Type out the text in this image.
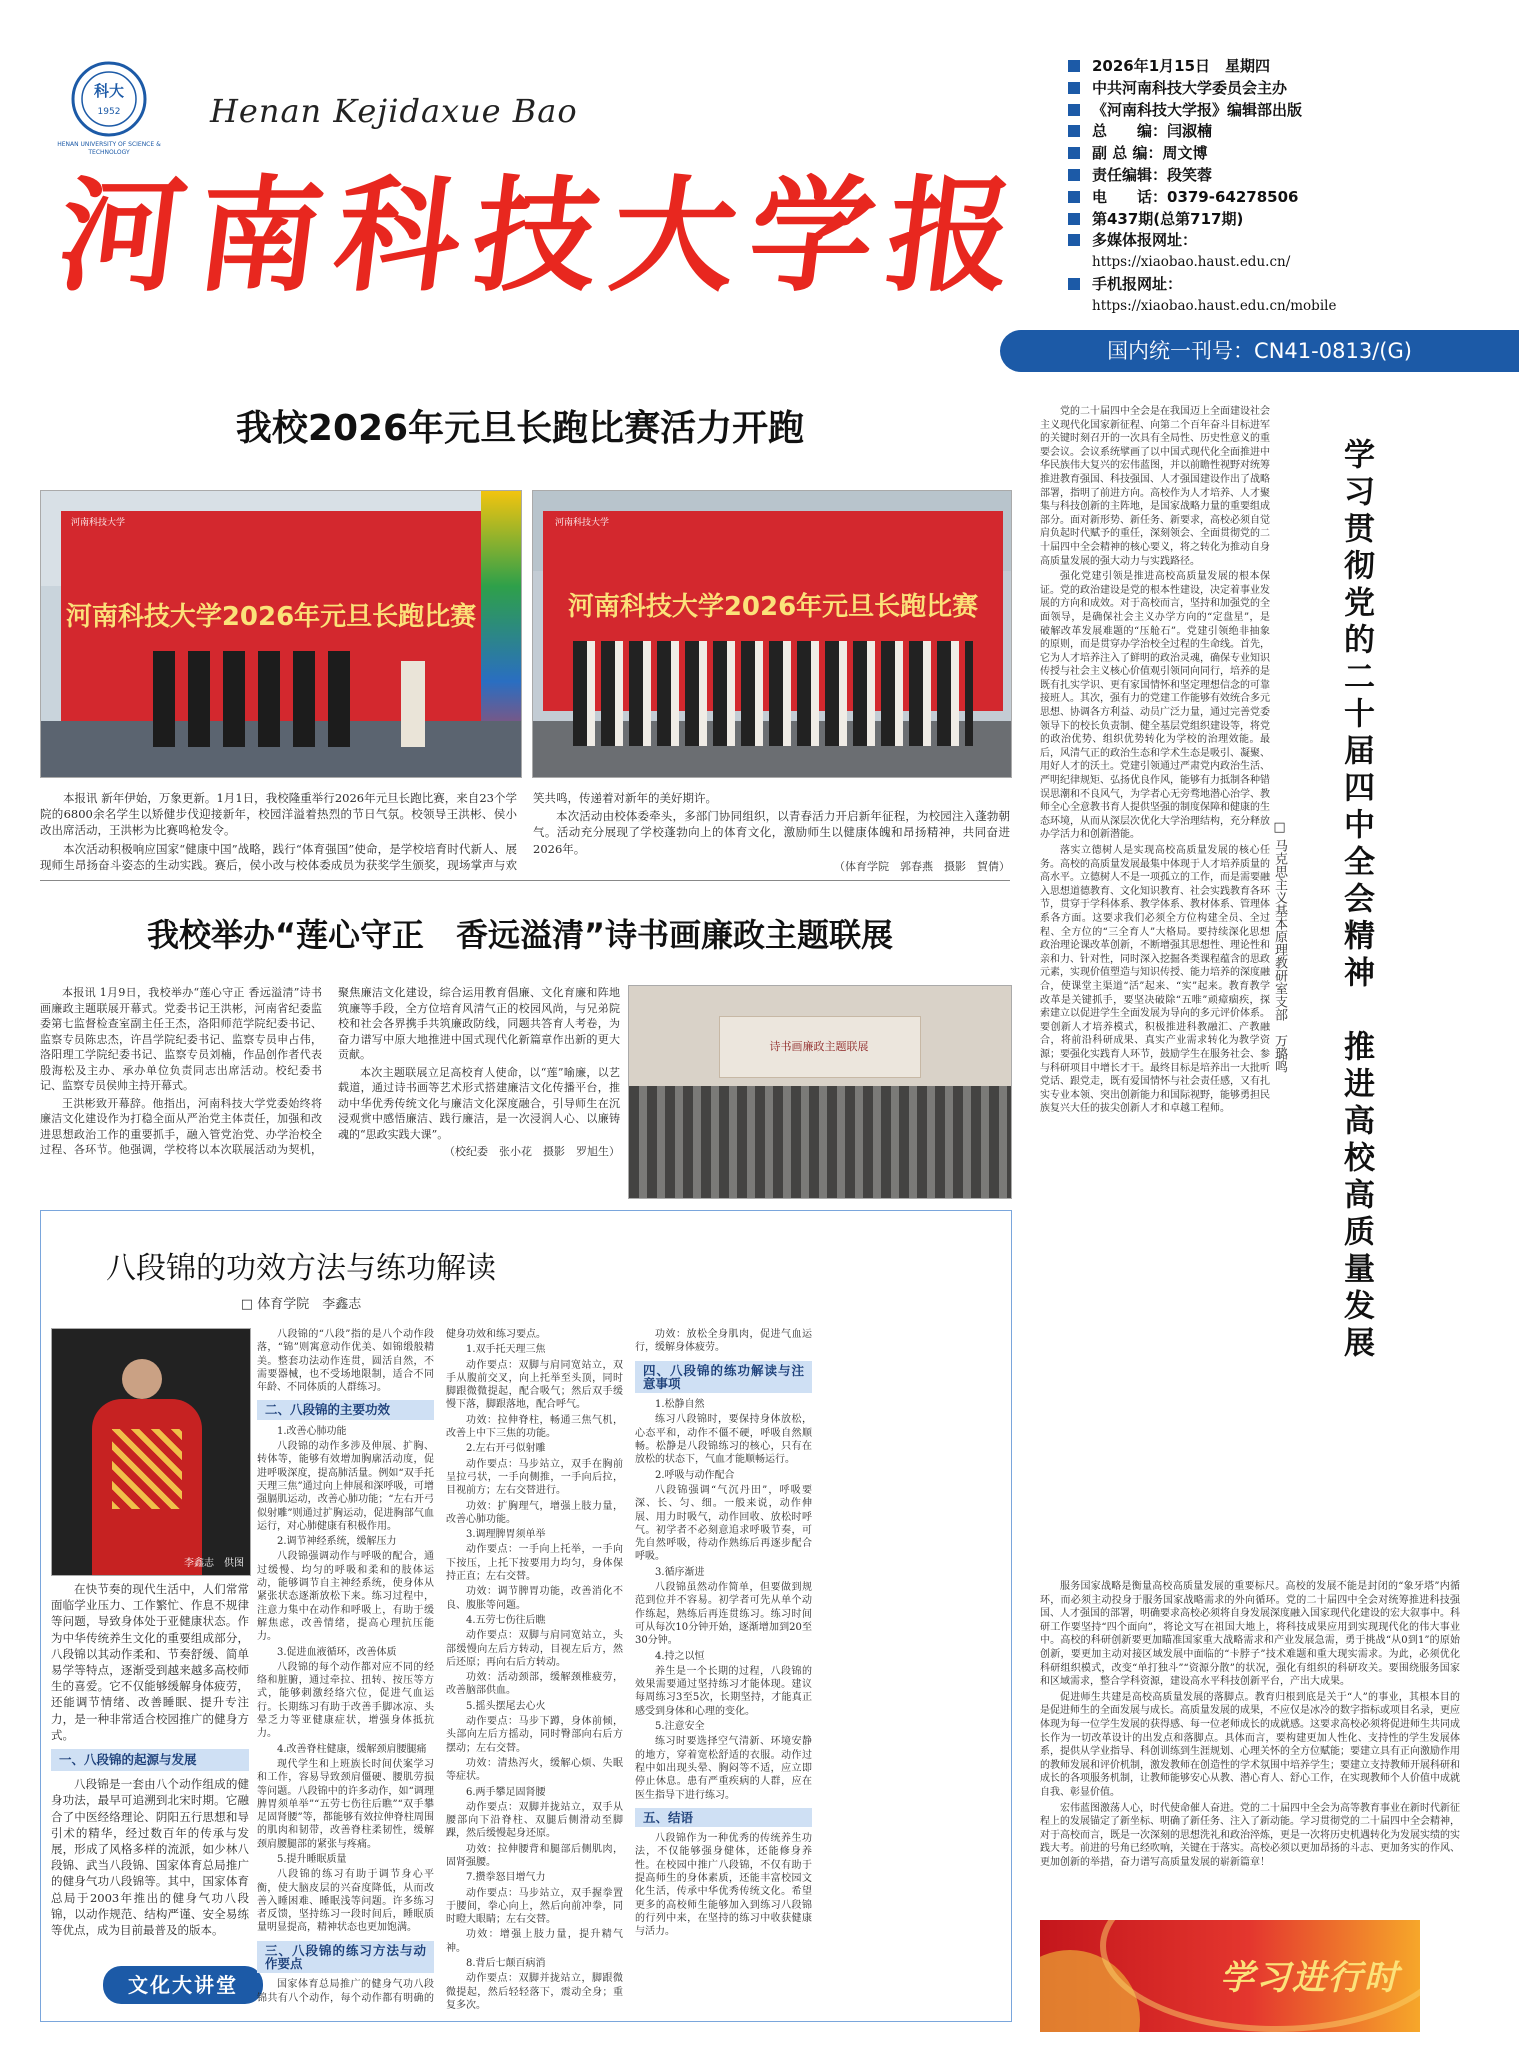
科大
1952
HENAN UNIVERSITY OF SCIENCE & TECHNOLOGY
Henan Kejidaxue Bao
河南科技大学报
2026年1月15日　星期四
中共河南科技大学委员会主办
《河南科技大学报》编辑部出版
总　　编：闫淑楠
副 总 编：周文博
责任编辑：段笑蓉
电　　话：0379-64278506
第437期(总第717期)
多媒体报网址：
https://xiaobao.haust.edu.cn/
手机报网址：
https://xiaobao.haust.edu.cn/mobile
国内统一刊号：CN41-0813/(G)
我校2026年元旦长跑比赛活力开跑
河南科技大学
河南科技大学2026年元旦长跑比赛
河南科技大学
河南科技大学2026年元旦长跑比赛

本报讯 新年伊始，万象更新。1月1日，我校隆重举行2026年元旦长跑比赛，来自23个学院的6800余名学生以矫健步伐迎接新年，校园洋溢着热烈的节日气氛。校领导王洪彬、侯小改出席活动，王洪彬为比赛鸣枪发令。

本次活动积极响应国家“健康中国”战略，践行“体育强国”使命，是学校培育时代新人、展现师生昂扬奋斗姿态的生动实践。赛后，侯小改与校体委成员为获奖学生颁奖，现场掌声与欢笑共鸣，传递着对新年的美好期许。

本次活动由校体委牵头，多部门协同组织，以青春活力开启新年征程，为校园注入蓬勃朝气。活动充分展现了学校蓬勃向上的体育文化，激励师生以健康体魄和昂扬精神，共同奋进2026年。

（体育学院　郭春燕　摄影　賀倩）
我校举办“莲心守正　香远溢清”诗书画廉政主题联展

本报讯 1月9日，我校举办“莲心守正 香远溢清”诗书画廉政主题联展开幕式。党委书记王洪彬，河南省纪委监委第七监督检查室副主任王杰，洛阳师范学院纪委书记、监察专员陈忠杰，许昌学院纪委书记、监察专员申占伟，洛阳理工学院纪委书记、监察专员刘楠，作品创作者代表殷海松及主办、承办单位负责同志出席活动。校纪委书记、监察专员侯帅主持开幕式。

王洪彬致开幕辞。他指出，河南科技大学党委始终将廉洁文化建设作为打稳全面从严治党主体责任，加强和改进思想政治工作的重要抓手，融入管党治党、办学治校全过程、各环节。他强调，学校将以本次联展活动为契机，聚焦廉洁文化建设，综合运用教育倡廉、文化育廉和阵地筑廉等手段，全方位培育风清气正的校园风尚，与兄弟院校和社会各界携手共筑廉政防线，同题共答育人考卷，为奋力谱写中原大地推进中国式现代化新篇章作出新的更大贡献。

本次主题联展立足高校育人使命，以“莲”喻廉，以艺载道，通过诗书画等艺术形式搭建廉洁文化传播平台，推动中华优秀传统文化与廉洁文化深度融合，引导师生在沉浸观赏中感悟廉洁、践行廉洁，是一次浸润人心、以廉铸魂的“思政实践大课”。

（校纪委　张小花　摄影　罗旭生）
诗书画廉政主题联展
八段锦的功效方法与练功解读
□ 体育学院　李鑫志
李鑫志　供图

在快节奏的现代生活中，人们常常面临学业压力、工作繁忙、作息不规律等问题，导致身体处于亚健康状态。作为中华传统养生文化的重要组成部分，八段锦以其动作柔和、节奏舒缓、简单易学等特点，逐渐受到越来越多高校师生的喜爱。它不仅能够缓解身体疲劳，还能调节情绪、改善睡眠、提升专注力，是一种非常适合校园推广的健身方式。

一、八段锦的起源与发展

八段锦是一套由八个动作组成的健身功法，最早可追溯到北宋时期。它融合了中医经络理论、阴阳五行思想和导引术的精华，经过数百年的传承与发展，形成了风格多样的流派，如少林八段锦、武当八段锦、国家体育总局推广的健身气功八段锦等。其中，国家体育总局于2003年推出的健身气功八段锦，以动作规范、结构严谨、安全易练等优点，成为目前最普及的版本。

文化大讲堂

八段锦的“八段”指的是八个动作段落，“锦”则寓意动作优美、如锦缎般精美。整套功法动作连贯，圆活自然，不需要器械，也不受场地限制，适合不同年龄、不同体质的人群练习。

二、八段锦的主要功效

1.改善心肺功能

八段锦的动作多涉及伸展、扩胸、转体等，能够有效增加胸廓活动度，促进呼吸深度，提高肺活量。例如“双手托天理三焦”通过向上伸展和深呼吸，可增强膈肌运动，改善心肺功能；“左右开弓似射雕”则通过扩胸运动，促进胸部气血运行，对心肺健康有积极作用。

2.调节神经系统，缓解压力

八段锦强调动作与呼吸的配合，通过缓慢、均匀的呼吸和柔和的肢体运动，能够调节自主神经系统，使身体从紧张状态逐渐放松下来。练习过程中，注意力集中在动作和呼吸上，有助于缓解焦虑，改善情绪，提高心理抗压能力。

3.促进血液循环，改善体质

八段锦的每个动作都对应不同的经络和脏腑，通过牵拉、扭转、按压等方式，能够刺激经络穴位，促进气血运行。长期练习有助于改善手脚冰凉、头晕乏力等亚健康症状，增强身体抵抗力。

4.改善脊柱健康，缓解颈肩腰腿痛

现代学生和上班族长时间伏案学习和工作，容易导致颈肩僵硬、腰肌劳损等问题。八段锦中的许多动作，如“调理脾胃须单举”“五劳七伤往后瞧”“双手攀足固肾腰”等，都能够有效拉伸脊柱周围的肌肉和韧带，改善脊柱柔韧性，缓解颈肩腰腿部的紧张与疼痛。

5.提升睡眠质量

八段锦的练习有助于调节身心平衡，使大脑皮层的兴奋度降低，从而改善入睡困难、睡眠浅等问题。许多练习者反馈，坚持练习一段时间后，睡眠质量明显提高，精神状态也更加饱满。

三、八段锦的练习方法与动作要点

国家体育总局推广的健身气功八段锦共有八个动作，每个动作都有明确的健身功效和练习要点。

1.双手托天理三焦

动作要点：双脚与肩同宽站立，双手从腹前交叉，向上托举至头顶，同时脚跟微微提起，配合吸气；然后双手缓慢下落，脚跟落地，配合呼气。

功效：拉伸脊柱，畅通三焦气机，改善上中下三焦的功能。

2.左右开弓似射雕

动作要点：马步站立，双手在胸前呈拉弓状，一手向侧推，一手向后拉，目视前方；左右交替进行。

功效：扩胸理气，增强上肢力量，改善心肺功能。

3.调理脾胃须单举

动作要点：一手向上托举，一手向下按压，上托下按要用力均匀，身体保持正直；左右交替。

功效：调节脾胃功能，改善消化不良、腹胀等问题。

4.五劳七伤往后瞧

动作要点：双脚与肩同宽站立，头部缓慢向左后方转动，目视左后方，然后还原；再向右后方转动。

功效：活动颈部，缓解颈椎疲劳，改善脑部供血。

5.摇头摆尾去心火

动作要点：马步下蹲，身体前倾，头部向左后方摇动，同时臀部向右后方摆动；左右交替。

功效：清热泻火，缓解心烦、失眠等症状。

6.两手攀足固肾腰

动作要点：双脚并拢站立，双手从腰部向下沿脊柱、双腿后侧滑动至脚踝，然后缓慢起身还原。

功效：拉伸腰背和腿部后侧肌肉，固肾强腰。

7.攒拳怒目增气力

动作要点：马步站立，双手握拳置于腰间，拳心向上，然后向前冲拳，同时瞪大眼睛；左右交替。

功效：增强上肢力量，提升精气神。

8.背后七颠百病消

动作要点：双脚并拢站立，脚跟微微提起，然后轻轻落下，震动全身；重复多次。

功效：放松全身肌肉，促进气血运行，缓解身体疲劳。

四、八段锦的练功解读与注意事项

1.松静自然

练习八段锦时，要保持身体放松，心态平和，动作不僵不硬，呼吸自然顺畅。松静是八段锦练习的核心，只有在放松的状态下，气血才能顺畅运行。

2.呼吸与动作配合

八段锦强调“气沉丹田”，呼吸要深、长、匀、细。一般来说，动作伸展、用力时吸气，动作回收、放松时呼气。初学者不必刻意追求呼吸节奏，可先自然呼吸，待动作熟练后再逐步配合呼吸。

3.循序渐进

八段锦虽然动作简单，但要做到规范到位并不容易。初学者可先从单个动作练起，熟练后再连贯练习。练习时间可从每次10分钟开始，逐渐增加到20至30分钟。

4.持之以恒

养生是一个长期的过程，八段锦的效果需要通过坚持练习才能体现。建议每周练习3至5次，长期坚持，才能真正感受到身体和心理的变化。

5.注意安全

练习时要选择空气清新、环境安静的地方，穿着宽松舒适的衣服。动作过程中如出现头晕、胸闷等不适，应立即停止休息。患有严重疾病的人群，应在医生指导下进行练习。

五、结语

八段锦作为一种优秀的传统养生功法，不仅能够强身健体，还能修身养性。在校园中推广八段锦，不仅有助于提高师生的身体素质，还能丰富校园文化生活，传承中华优秀传统文化。希望更多的高校师生能够加入到练习八段锦的行列中来，在坚持的练习中收获健康与活力。

学习贯彻党的二十届四中全会精神　推进高校高质量发展
□ 马克思主义基本原理教研室支部　万璐鸣

党的二十届四中全会是在我国迈上全面建设社会主义现代化国家新征程、向第二个百年奋斗目标进军的关键时刻召开的一次具有全局性、历史性意义的重要会议。会议系统擘画了以中国式现代化全面推进中华民族伟大复兴的宏伟蓝图，并以前瞻性视野对统筹推进教育强国、科技强国、人才强国建设作出了战略部署，指明了前进方向。高校作为人才培养、人才聚集与科技创新的主阵地，是国家战略力量的重要组成部分。面对新形势、新任务、新要求，高校必须自觉肩负起时代赋予的重任，深刻领会、全面贯彻党的二十届四中全会精神的核心要义，将之转化为推动自身高质量发展的强大动力与实践路径。

强化党建引领是推进高校高质量发展的根本保证。党的政治建设是党的根本性建设，决定着事业发展的方向和成效。对于高校而言，坚持和加强党的全面领导，是确保社会主义办学方向的“定盘星”，是破解改革发展难题的“压舱石”。党建引领绝非抽象的原则，而是贯穿办学治校全过程的生命线。首先，它为人才培养注入了鲜明的政治灵魂，确保专业知识传授与社会主义核心价值观引领同向同行，培养的是既有扎实学识、更有家国情怀和坚定理想信念的可靠接班人。其次，强有力的党建工作能够有效统合多元思想、协调各方利益、动员广泛力量，通过完善党委领导下的校长负责制、健全基层党组织建设等，将党的政治优势、组织优势转化为学校的治理效能。最后，风清气正的政治生态和学术生态是吸引、凝聚、用好人才的沃土。党建引领通过严肃党内政治生活、严明纪律规矩、弘扬优良作风，能够有力抵制各种错误思潮和不良风气，为学者心无旁骛地潜心治学、教师全心全意教书育人提供坚强的制度保障和健康的生态环境，从而从深层次优化大学治理结构，充分释放办学活力和创新潜能。

落实立德树人是实现高校高质量发展的核心任务。高校的高质量发展最集中体现于人才培养质量的高水平。立德树人不是一项孤立的工作，而是需要融入思想道德教育、文化知识教育、社会实践教育各环节，贯穿于学科体系、教学体系、教材体系、管理体系各方面。这要求我们必须全方位构建全员、全过程、全方位的“三全育人”大格局。要持续深化思想政治理论课改革创新，不断增强其思想性、理论性和亲和力、针对性，同时深入挖掘各类课程蕴含的思政元素，实现价值塑造与知识传授、能力培养的深度融合，使课堂主渠道“活”起来、“实”起来。教育教学改革是关键抓手，要坚决破除“五唯”顽瘴痼疾，探索建立以促进学生全面发展为导向的多元评价体系。要创新人才培养模式，积极推进科教融汇、产教融合，将前沿科研成果、真实产业需求转化为教学资源；要强化实践育人环节，鼓励学生在服务社会、参与科研项目中增长才干。最终目标是培养出一大批听党话、跟党走，既有爱国情怀与社会责任感，又有扎实专业本领、突出创新能力和国际视野，能够勇担民族复兴大任的拔尖创新人才和卓越工程师。

服务国家战略是衡量高校高质量发展的重要标尺。高校的发展不能是封闭的“象牙塔”内循环，而必须主动投身于服务国家战略需求的外向循环。党的二十届四中全会对统筹推进科技强国、人才强国的部署，明确要求高校必须将自身发展深度融入国家现代化建设的宏大叙事中。科研工作要坚持“四个面向”，将论文写在祖国大地上，将科技成果应用到实现现代化的伟大事业中。高校的科研创新要更加瞄准国家重大战略需求和产业发展急需，勇于挑战“从0到1”的原始创新，要更加主动对接区域发展中面临的“卡脖子”技术难题和重大现实需求。为此，必须优化科研组织模式，改变“单打独斗”“资源分散”的状况，强化有组织的科研攻关。要围绕服务国家和区域需求，整合学科资源，建设高水平科技创新平台，产出大成果。

促进师生共建是高校高质量发展的落脚点。教育归根到底是关于“人”的事业，其根本目的是促进师生的全面发展与成长。高质量发展的成果，不应仅是冰冷的数字指标或项目名录，更应体现为每一位学生发展的获得感、每一位老师成长的成就感。这要求高校必须将促进师生共同成长作为一切改革设计的出发点和落脚点。具体而言，要构建更加人性化、支持性的学生发展体系，提供从学业指导、科创训练到生涯规划、心理关怀的全方位赋能；要建立具有正向激励作用的教师发展和评价机制，激发教师在创造性的学术氛围中培养学生；要建立支持教师开展科研和成长的各项服务机制，让教师能够安心从教、潜心育人、舒心工作，在实现教师个人价值中成就自我、彰显价值。

宏伟蓝图激荡人心，时代使命催人奋进。党的二十届四中全会为高等教育事业在新时代新征程上的发展锚定了新坐标、明确了新任务、注入了新动能。学习贯彻党的二十届四中全会精神，对于高校而言，既是一次深刻的思想洗礼和政治淬炼，更是一次将历史机遇转化为发展实绩的实践大考。前进的号角已经吹响，关键在于落实。高校必须以更加昂扬的斗志、更加务实的作风、更加创新的举措，奋力谱写高质量发展的崭新篇章！

学习进行时
